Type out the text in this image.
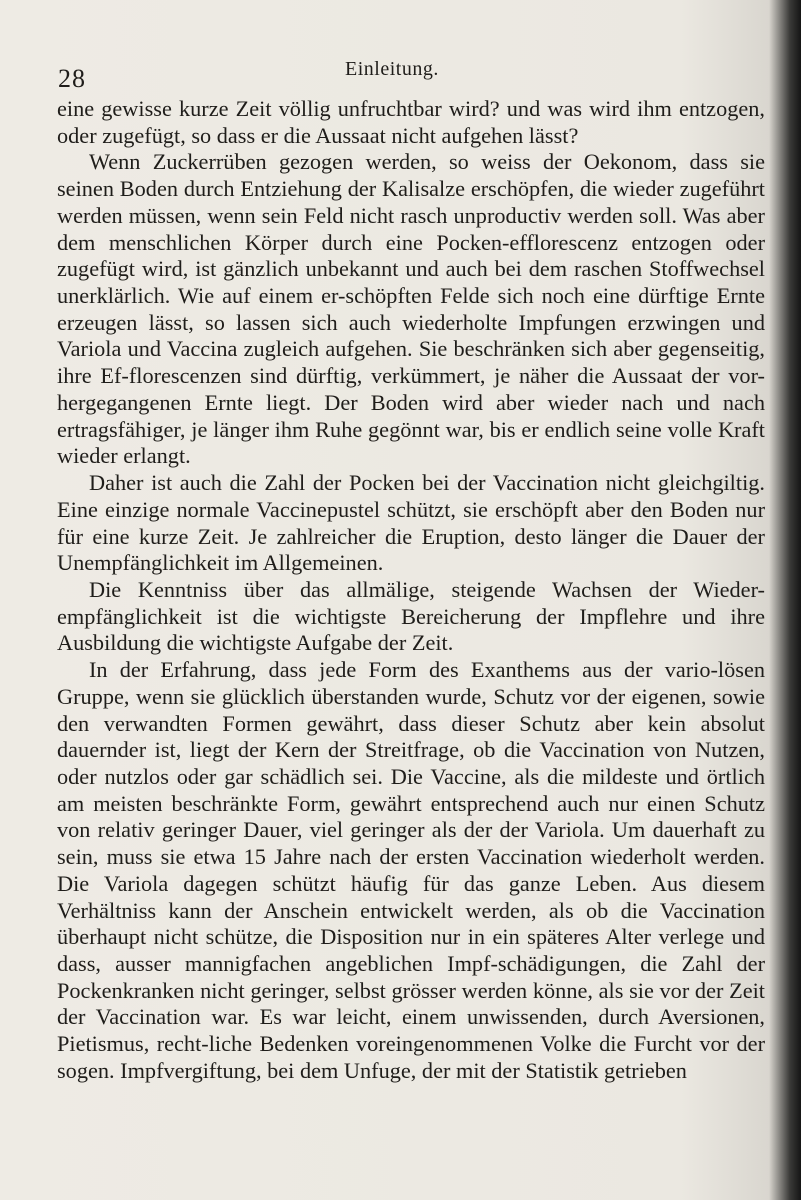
28	Einleitung.

eine gewisse kurze Zeit völlig unfruchtbar wird? und was wird ihm entzogen, oder zugefügt, so dass er die Aussaat nicht aufgehen lässt?

Wenn Zuckerrüben gezogen werden, so weiss der Oekonom, dass sie seinen Boden durch Entziehung der Kalisalze erschöpfen, die wieder zugeführt werden müssen, wenn sein Feld nicht rasch unproductiv werden soll. Was aber dem menschlichen Körper durch eine Pocken-efflorescenz entzogen oder zugefügt wird, ist gänzlich unbekannt und auch bei dem raschen Stoffwechsel unerklärlich. Wie auf einem er-schöpften Felde sich noch eine dürftige Ernte erzeugen lässt, so lassen sich auch wiederholte Impfungen erzwingen und Variola und Vaccina zugleich aufgehen. Sie beschränken sich aber gegenseitig, ihre Ef-florescenzen sind dürftig, verkümmert, je näher die Aussaat der vor-hergegangenen Ernte liegt. Der Boden wird aber wieder nach und nach ertragsfähiger, je länger ihm Ruhe gegönnt war, bis er endlich seine volle Kraft wieder erlangt.

Daher ist auch die Zahl der Pocken bei der Vaccination nicht gleichgiltig. Eine einzige normale Vaccinepustel schützt, sie erschöpft aber den Boden nur für eine kurze Zeit. Je zahlreicher die Eruption, desto länger die Dauer der Unempfänglichkeit im Allgemeinen.

Die Kenntniss über das allmälige, steigende Wachsen der Wieder-empfänglichkeit ist die wichtigste Bereicherung der Impflehre und ihre Ausbildung die wichtigste Aufgabe der Zeit.

In der Erfahrung, dass jede Form des Exanthems aus der vario-lösen Gruppe, wenn sie glücklich überstanden wurde, Schutz vor der eigenen, sowie den verwandten Formen gewährt, dass dieser Schutz aber kein absolut dauernder ist, liegt der Kern der Streitfrage, ob die Vaccination von Nutzen, oder nutzlos oder gar schädlich sei. Die Vaccine, als die mildeste und örtlich am meisten beschränkte Form, gewährt entsprechend auch nur einen Schutz von relativ geringer Dauer, viel geringer als der der Variola. Um dauerhaft zu sein, muss sie etwa 15 Jahre nach der ersten Vaccination wiederholt werden. Die Variola dagegen schützt häufig für das ganze Leben. Aus diesem Verhältniss kann der Anschein entwickelt werden, als ob die Vaccination überhaupt nicht schütze, die Disposition nur in ein späteres Alter verlege und dass, ausser mannigfachen angeblichen Impf-schädigungen, die Zahl der Pockenkranken nicht geringer, selbst grösser werden könne, als sie vor der Zeit der Vaccination war. Es war leicht, einem unwissenden, durch Aversionen, Pietismus, recht-liche Bedenken voreingenommenen Volke die Furcht vor der sogen. Impfvergiftung, bei dem Unfuge, der mit der Statistik getrieben
